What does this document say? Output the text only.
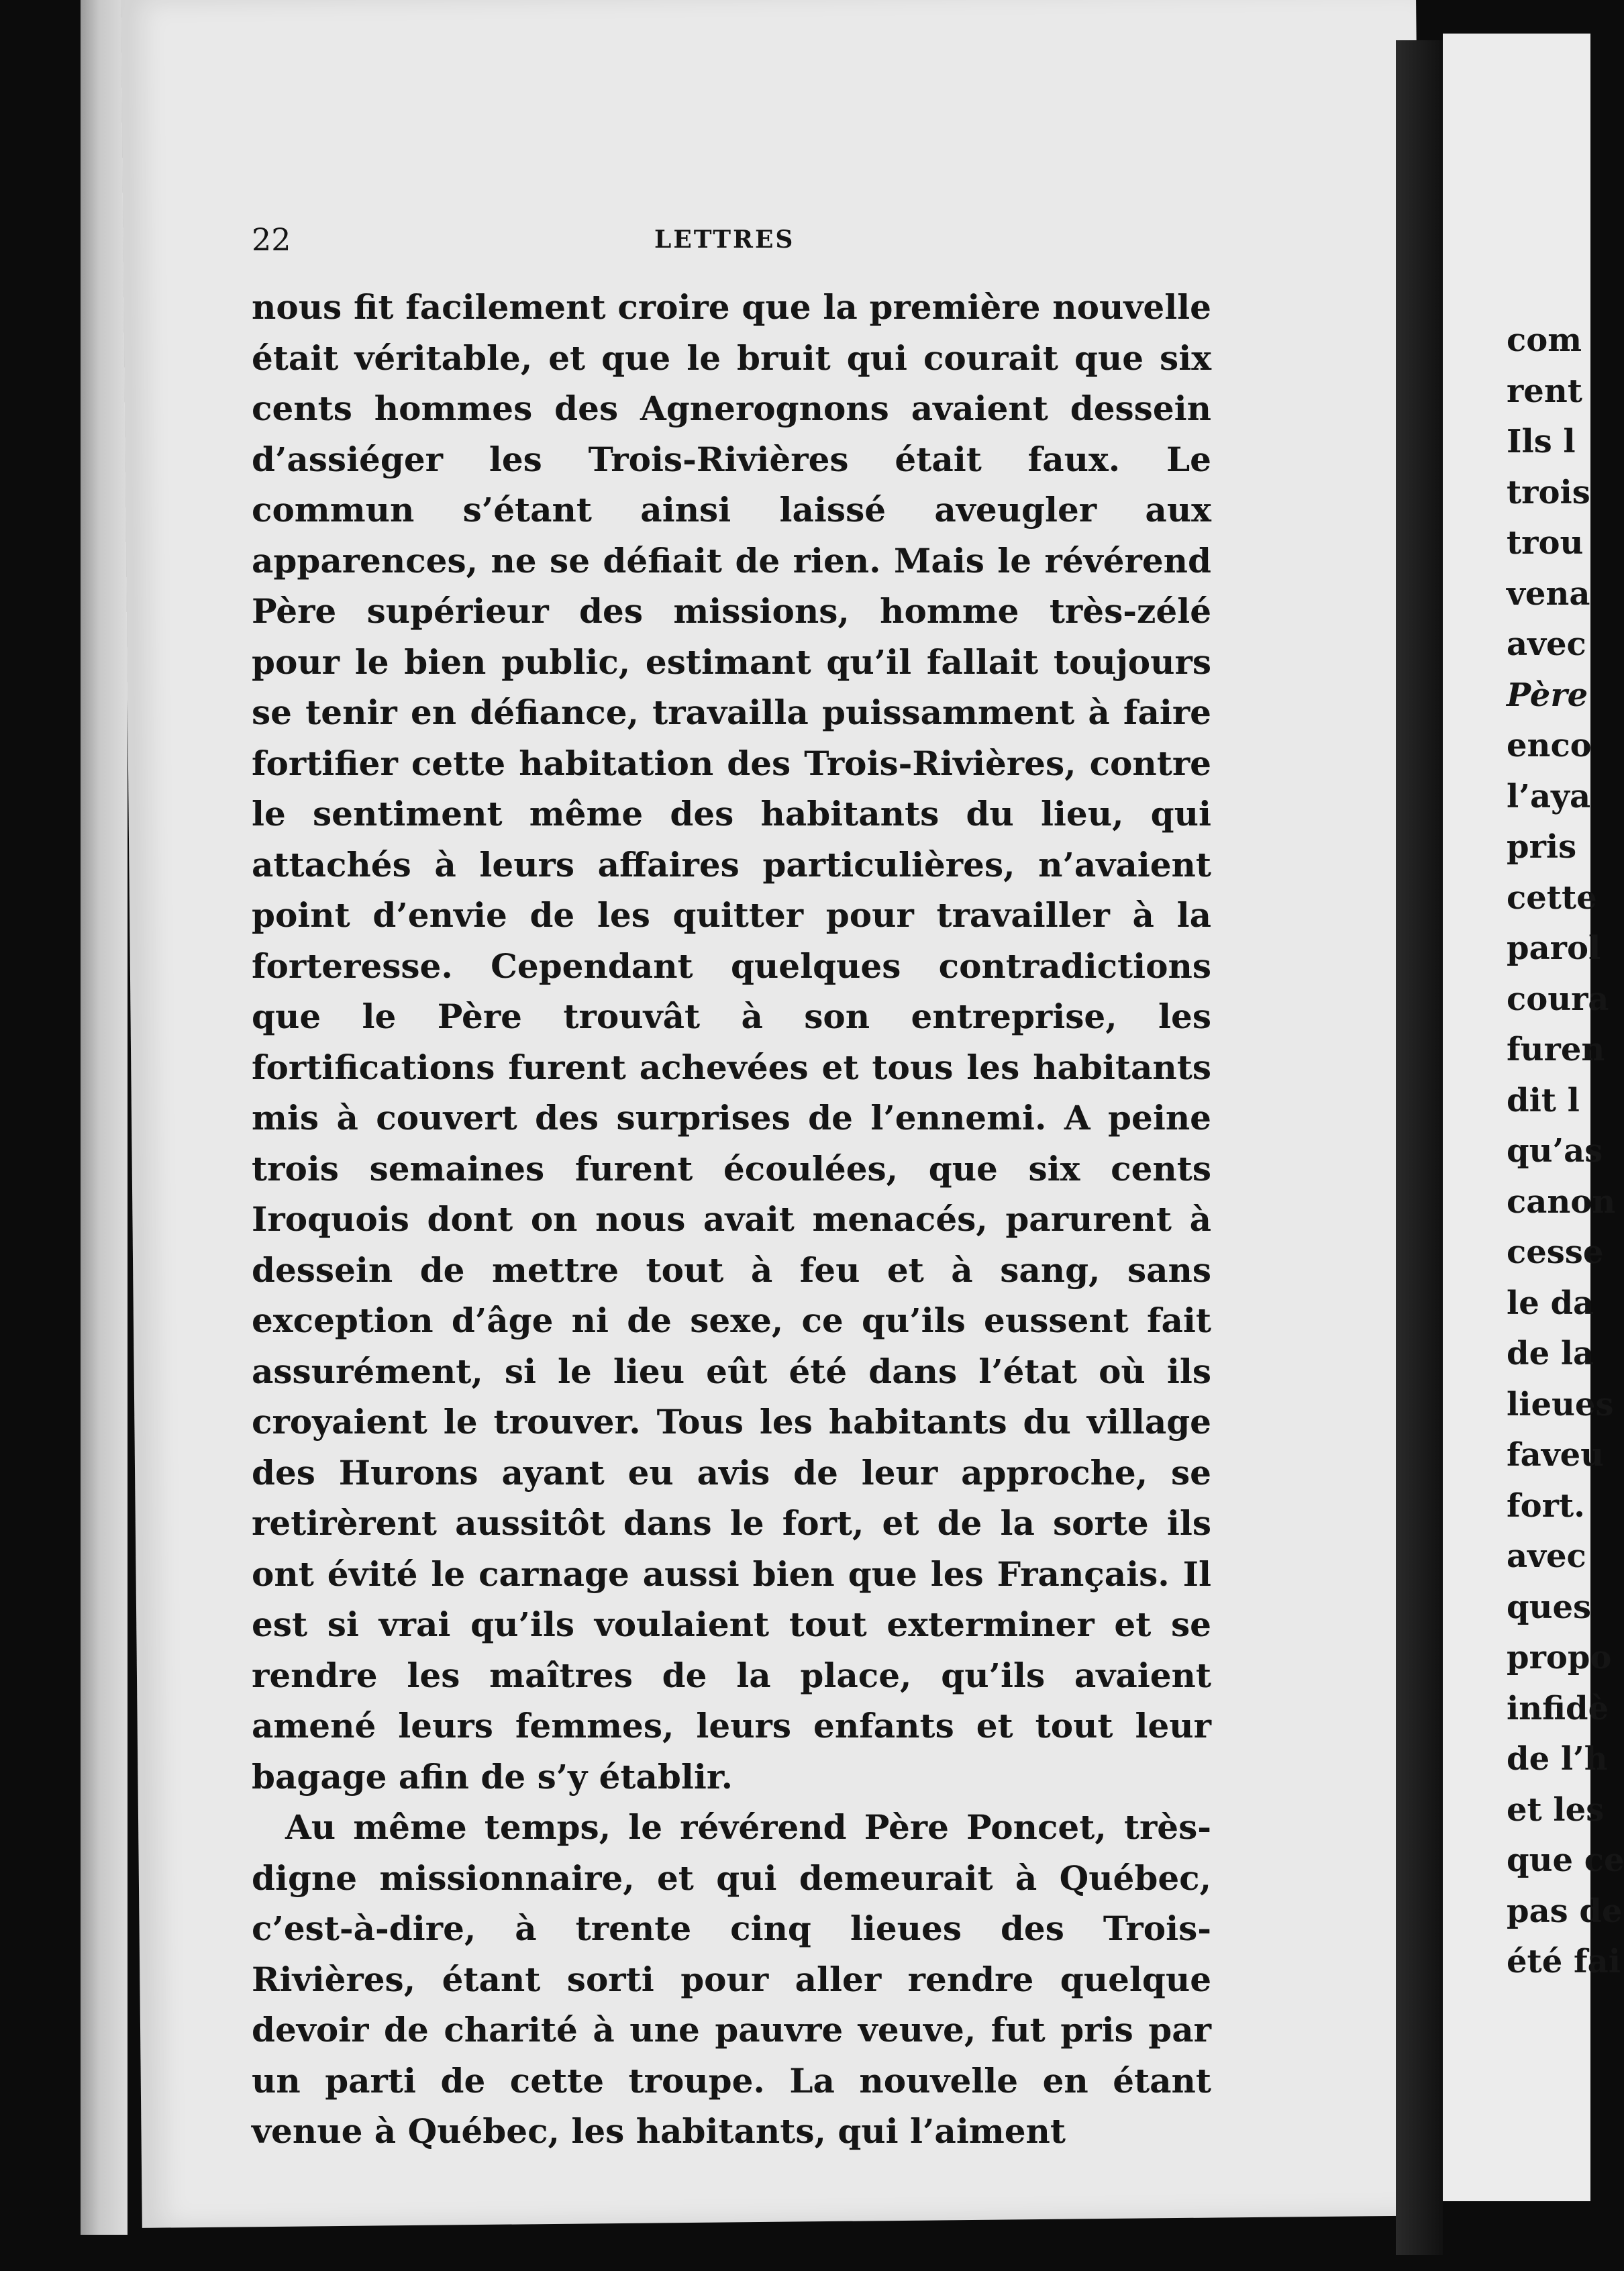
22	LETTRES

nous fit facilement croire que la première nouvelle était véritable, et que le bruit qui courait que six cents hommes des Agnerognons avaient dessein d’assiéger les Trois-Rivières était faux. Le commun s’étant ainsi laissé aveugler aux apparences, ne se défiait de rien. Mais le révérend Père supérieur des missions, homme très-zélé pour le bien public, estimant qu’il fallait toujours se tenir en défiance, travailla puissamment à faire fortifier cette habitation des Trois-Rivières, contre le sentiment même des habitants du lieu, qui attachés à leurs affaires particulières, n’avaient point d’envie de les quitter pour travailler à la forteresse. Cependant quelques contradictions que le Père trouvât à son entreprise, les fortifications furent achevées et tous les habitants mis à couvert des surprises de l’ennemi. A peine trois semaines furent écoulées, que six cents Iroquois dont on nous avait menacés, parurent à dessein de mettre tout à feu et à sang, sans exception d’âge ni de sexe, ce qu’ils eussent fait assurément, si le lieu eût été dans l’état où ils croyaient le trouver. Tous les habitants du village des Hurons ayant eu avis de leur approche, se retirèrent aussitôt dans le fort, et de la sorte ils ont évité le carnage aussi bien que les Français. Il est si vrai qu’ils voulaient tout exterminer et se rendre les maîtres de la place, qu’ils avaient amené leurs femmes, leurs enfants et tout leur bagage afin de s’y établir.

Au même temps, le révérend Père Poncet, très-digne missionnaire, et qui demeurait à Québec, c’est-à-dire, à trente cinq lieues des Trois-Rivières, étant sorti pour aller rendre quelque devoir de charité à une pauvre veuve, fut pris par un parti de cette troupe. La nouvelle en étant venue à Québec, les habitants, qui l’aiment

com
rent
Ils l
trois
trou
vena
avec
Père
enco
l’aya
pris
cette
parol
coura
furen
dit l
qu’as
canon
cesse
le da
de la
lieues
faveu
fort.
avec
ques
propo
infidè
de l’h
et les
que ce
pas de
été fai
